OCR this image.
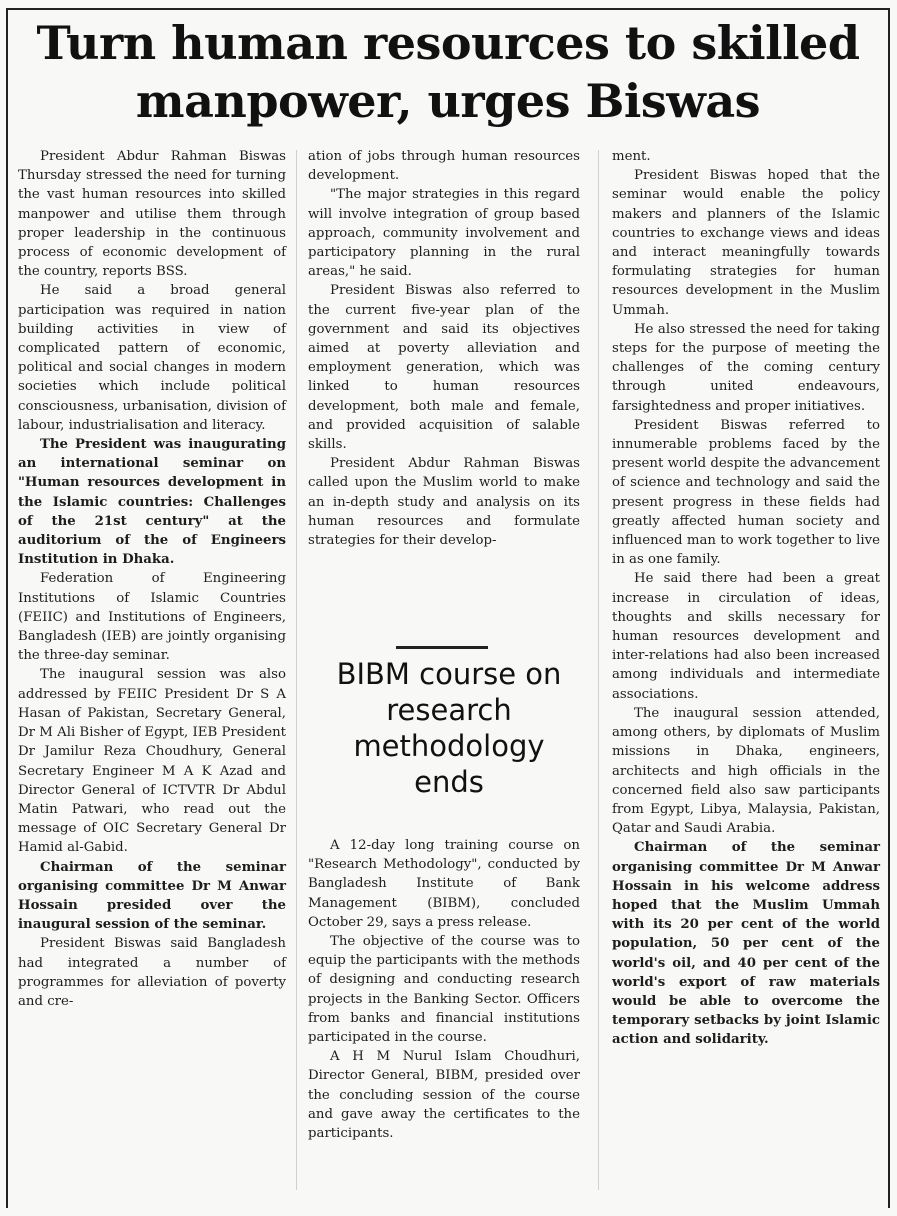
Turn human resources to skilled
manpower, urges Biswas

President Abdur Rahman Biswas Thursday stressed the need for turning the vast human resources into skilled manpower and utilise them through proper leadership in the continuous process of economic development of the country, reports BSS.

He said a broad general participation was required in nation building activities in view of complicated pattern of economic, political and social changes in modern societies which include political consciousness, urbanisation, division of labour, industrialisation and literacy.

The President was inaugurating an international seminar on "Human resources development in the Islamic countries: Challenges of the 21st century" at the auditorium of the of Engineers Institution in Dhaka.

Federation of Engineering Institutions of Islamic Countries (FEIIC) and Institutions of Engineers, Bangladesh (IEB) are jointly organising the three-day seminar.

The inaugural session was also addressed by FEIIC President Dr S A Hasan of Pakistan, Secretary General, Dr M Ali Bisher of Egypt, IEB President Dr Jamilur Reza Choudhury, General Secretary Engineer M A K Azad and Director General of ICTVTR Dr Abdul Matin Patwari, who read out the message of OIC Secretary General Dr Hamid al-Gabid.

Chairman of the seminar organising committee Dr M Anwar Hossain presided over the inaugural session of the seminar.

President Biswas said Bangladesh had integrated a number of programmes for alleviation of poverty and cre-

ation of jobs through human resources development.

"The major strategies in this regard will involve integration of group based approach, community involvement and participatory planning in the rural areas," he said.

President Biswas also referred to the current five-year plan of the government and said its objectives aimed at poverty alleviation and employment generation, which was linked to human resources development, both male and female, and provided acquisition of salable skills.

President Abdur Rahman Biswas called upon the Muslim world to make an in-depth study and analysis on its human resources and formulate strategies for their develop-

BIBM course on research methodology ends

A 12-day long training course on "Research Methodology", conducted by Bangladesh Institute of Bank Management (BIBM), concluded October 29, says a press release.

The objective of the course was to equip the participants with the methods of designing and conducting research projects in the Banking Sector. Officers from banks and financial institutions participated in the course.

A H M Nurul Islam Choudhuri, Director General, BIBM, presided over the concluding session of the course and gave away the certificates to the participants.

ment.

President Biswas hoped that the seminar would enable the policy makers and planners of the Islamic countries to exchange views and ideas and interact meaningfully towards formulating strategies for human resources development in the Muslim Ummah.

He also stressed the need for taking steps for the purpose of meeting the challenges of the coming century through united endeavours, farsightedness and proper initiatives.

President Biswas referred to innumerable problems faced by the present world despite the advancement of science and technology and said the present progress in these fields had greatly affected human society and influenced man to work together to live in as one family.

He said there had been a great increase in circulation of ideas, thoughts and skills necessary for human resources development and inter-relations had also been increased among individuals and intermediate associations.

The inaugural session attended, among others, by diplomats of Muslim missions in Dhaka, engineers, architects and high officials in the concerned field also saw participants from Egypt, Libya, Malaysia, Pakistan, Qatar and Saudi Arabia.

Chairman of the seminar organising committee Dr M Anwar Hossain in his welcome address hoped that the Muslim Ummah with its 20 per cent of the world population, 50 per cent of the world's oil, and 40 per cent of the world's export of raw materials would be able to overcome the temporary setbacks by joint Islamic action and solidarity.
